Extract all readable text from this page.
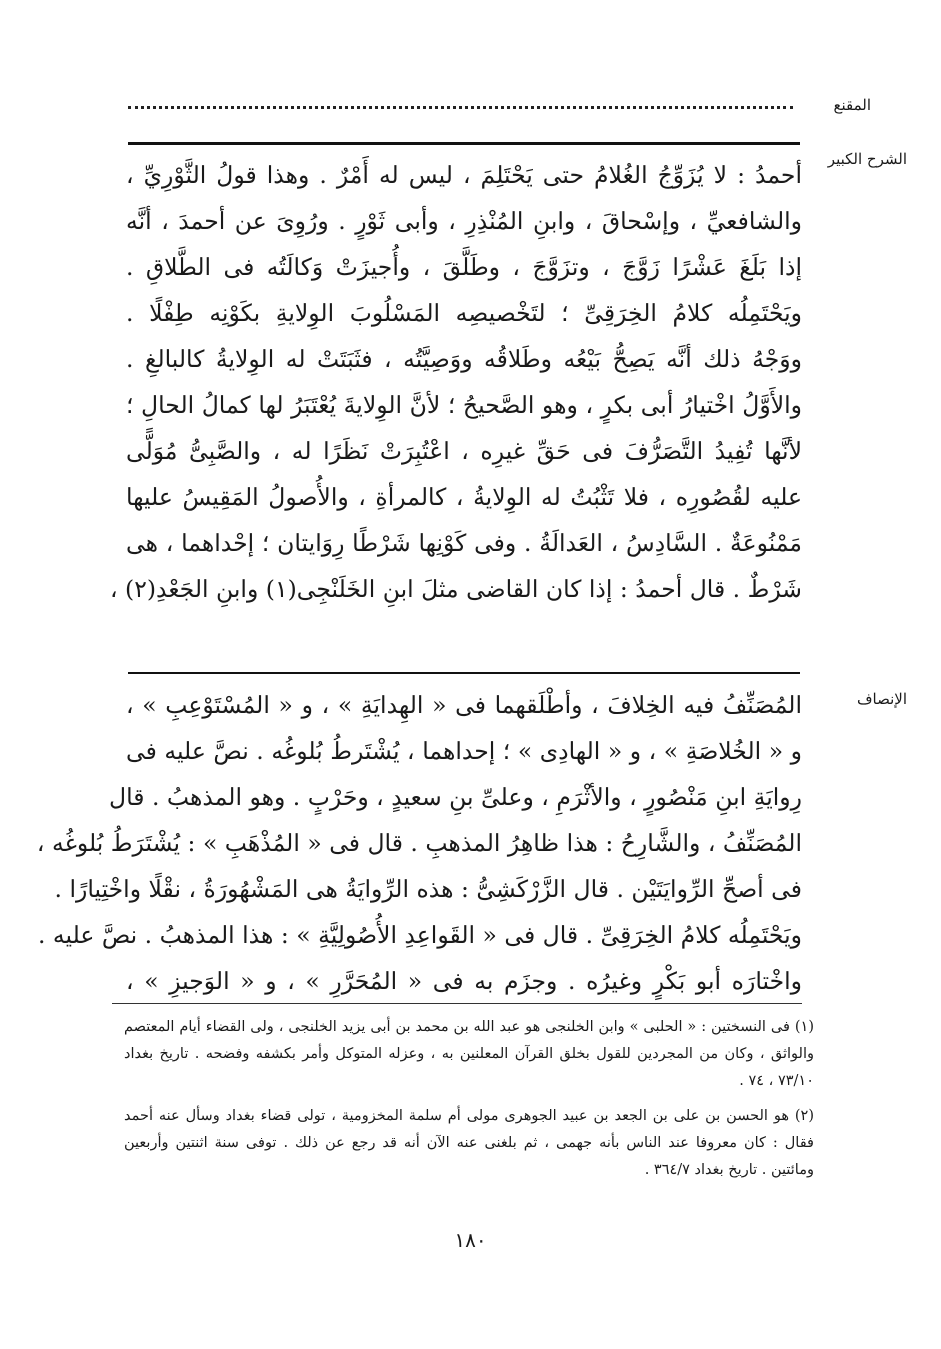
المقنع
الشرح الكبير
أحمدُ : لا يُزَوِّجُ الغُلامُ حتى يَحْتَلِمَ ، ليس له أَمْرٌ . وهذا قولُ الثَّوْرِيِّ ،
والشافعيِّ ، وإسْحاقَ ، وابنِ المُنْذِرِ ، وأبى ثَوْرٍ . ورُوِىَ عن أحمدَ ، أنَّه
إذا بَلَغَ عَشْرًا زَوَّجَ ، وتزَوَّجَ ، وطَلَّقَ ، وأُجيزَتْ وَكالَتُه فى الطَّلاقِ .
ويَحْتَمِلُه كلامُ الخِرَقِىِّ ؛ لتَخْصيصِه المَسْلُوبَ الوِلايةِ بكَوْنِه طِفْلًا .
ووَجْهُ ذلك أنَّه يَصِحُّ بَيْعُه وطَلاقُه ووَصِيَّتُه ، فثَبَتَتْ له الوِلايةُ كالبالغِ .
والأَوَّلُ اخْتيارُ أبى بكرٍ ، وهو الصَّحيحُ ؛ لأنَّ الوِلايةَ يُعْتَبَرُ لها كمالُ الحالِ ؛
لأنَّها تُفِيدُ التَّصَرُّفَ فى حَقِّ غيرِه ، اعْتُبِرَتْ نَظَرًا له ، والصَّبِىُّ مُوَلًّى
عليه لقُصُورِه ، فلا تَثْبُتُ له الوِلايةُ ، كالمرأةِ ، والأُصولُ المَقِيسُ عليها
مَمْنُوعَةٌ . السَّادِسُ ، العَدالَةُ . وفى كَوْنِها شَرْطًا رِوَايتان ؛ إحْداهما ، هى
شَرْطٌ . قال أحمدُ : إذا كان القاضى مثلَ ابنِ الخَلَنْجِى(١) وابنِ الجَعْدِ(٢) ،
الإنصاف
المُصَنِّفُ فيه الخِلافَ ، وأطْلَقهما فى « الهِدايَةِ » ، و « المُسْتَوْعِبِ » ،
و « الخُلاصَةِ » ، و « الهادِى » ؛ إحداهما ، يُشْتَرطُ بُلوغُه . نصَّ عليه فى
رِوايَةِ ابنِ مَنْصُورٍ ، والأثْرَمِ ، وعلىِّ بنِ سعيدٍ ، وحَرْبٍ . وهو المذهبُ . قال
المُصَنِّفُ ، والشَّارِحُ : هذا ظاهِرُ المذهبِ . قال فى « المُذْهَبِ » : يُشْتَرَطُ بُلوغُه ،
فى أصحِّ الرِّوايَتَيْن . قال الزَّرْكَشِىُّ : هذه الرِّوايَةُ هى المَشْهُورَةُ ، نقْلًا واخْتِيارًا .
ويَحْتَمِلُه كلامُ الخِرَقِىِّ . قال فى « القَواعِدِ الأُصُولِيَّةِ » : هذا المذهبُ . نصَّ عليه .
واخْتارَه أبو بَكْرٍ وغيرُه . وجزَم به فى « المُحَرَّرِ » ، و « الوَجيزِ » ،
(١) فى النسختين : « الحلبى » وابن الخلنجى هو عبد الله بن محمد بن أبى يزيد الخلنجى ، ولى القضاء أيام المعتصم
والواثق ، وكان من المجردين للقول بخلق القرآن المعلنين به ، وعزله المتوكل وأمر بكشفه وفضحه . تاريخ بغداد
٧٣/١٠ ، ٧٤ .
(٢) هو الحسن بن على بن الجعد بن عبيد الجوهرى مولى أم سلمة المخزومية ، تولى قضاء بغداد وسأل عنه أحمد
فقال : كان معروفا عند الناس بأنه جهمى ، ثم بلغنى عنه الآن أنه قد رجع عن ذلك . توفى سنة اثنتين وأربعين
ومائتين . تاريخ بغداد ٣٦٤/٧ .
١٨٠
